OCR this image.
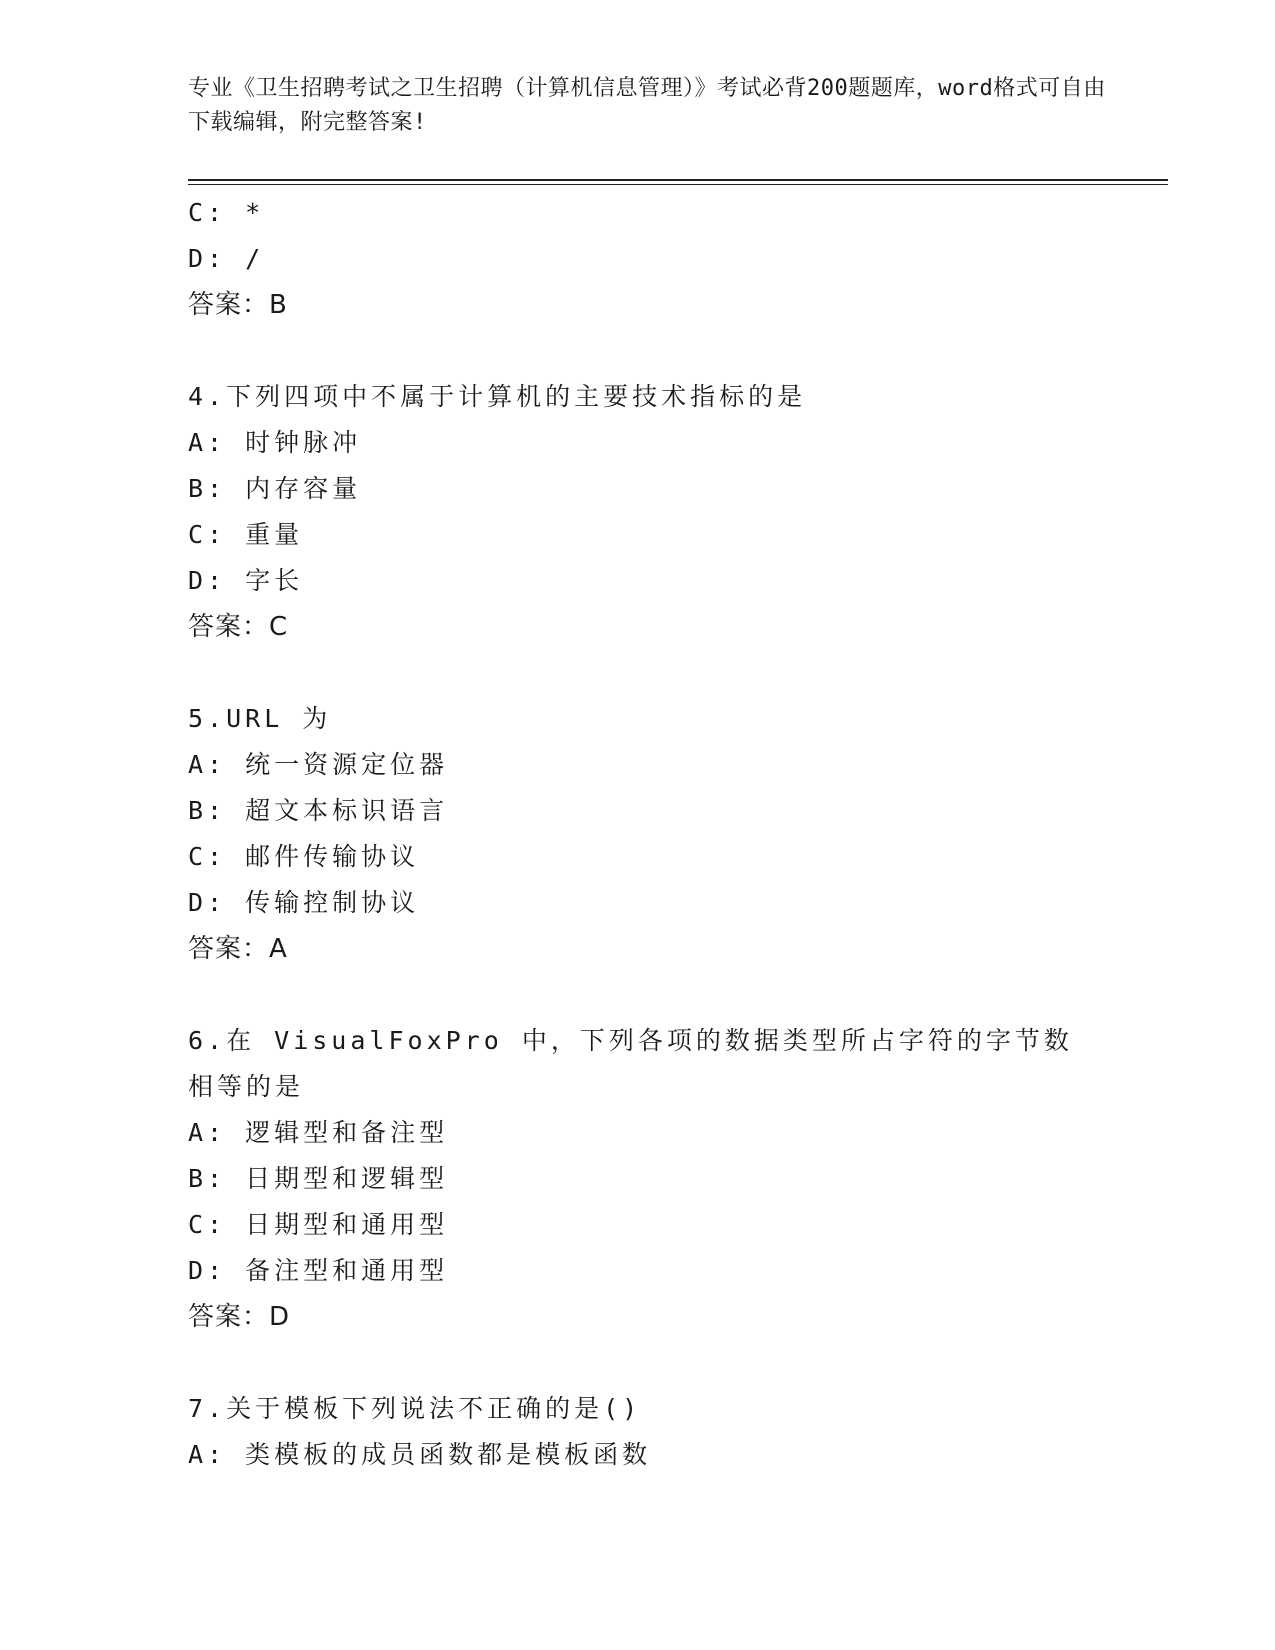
专业《卫生招聘考试之卫生招聘（计算机信息管理）》考试必背200题题库，word格式可自由下载编辑，附完整答案!
C: *
D: /
答案：B
4.下列四项中不属于计算机的主要技术指标的是
A: 时钟脉冲
B: 内存容量
C: 重量
D: 字长
答案：C
5.URL 为
A: 统一资源定位器
B: 超文本标识语言
C: 邮件传输协议
D: 传输控制协议
答案：A
6.在 VisualFoxPro 中，下列各项的数据类型所占字符的字节数相等的是
A: 逻辑型和备注型
B: 日期型和逻辑型
C: 日期型和通用型
D: 备注型和通用型
答案：D
7.关于模板下列说法不正确的是()
A: 类模板的成员函数都是模板函数
